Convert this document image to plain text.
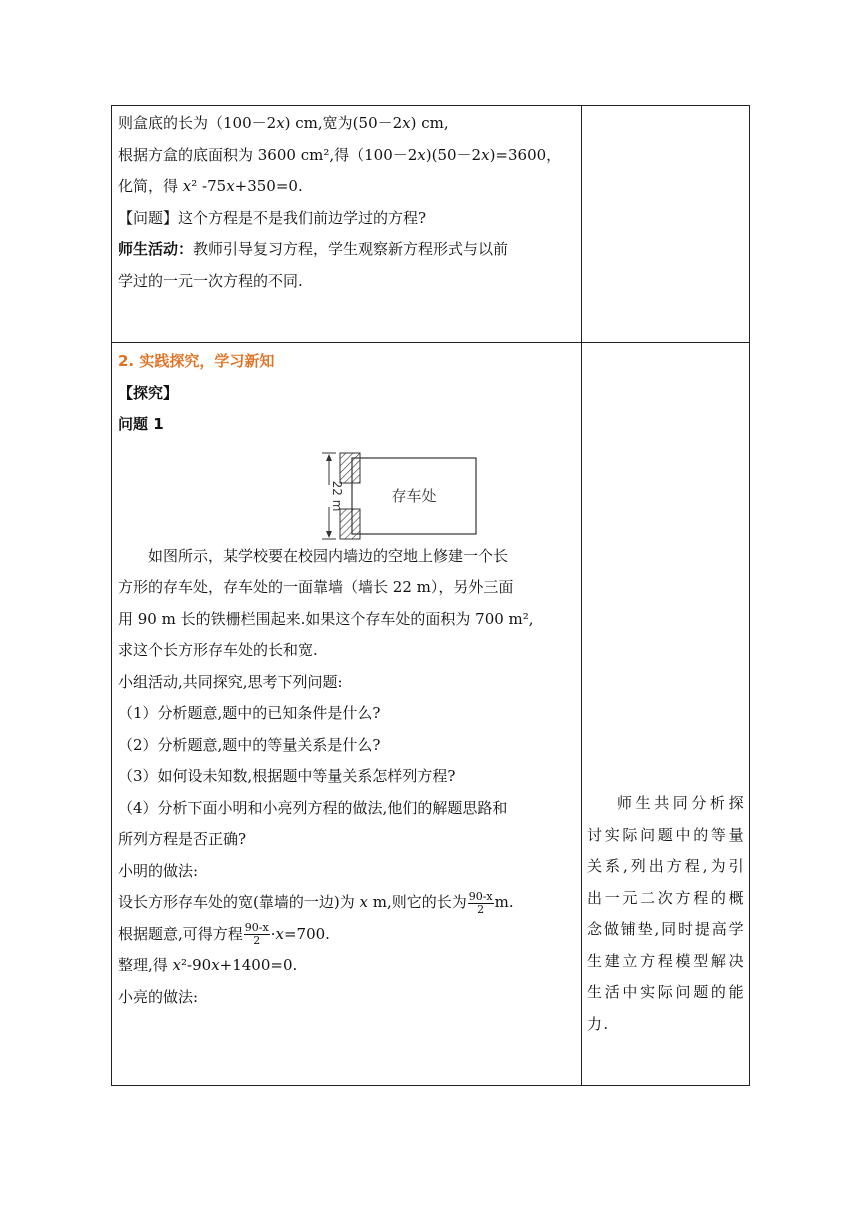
则盒底的长为（100－2x) cm,宽为(50－2x) cm,
根据方盒的底面积为 3600 cm²,得（100－2x)(50－2x)=3600，
化简，得 x² -75x+350=0.
【问题】这个方程是不是我们前边学过的方程?
师生活动：教师引导复习方程，学生观察新方程形式与以前
学过的一元一次方程的不同.
2. 实践探究，学习新知
【探究】
问题 1
22 m	存车处
如图所示，某学校要在校园内墙边的空地上修建一个长
方形的存车处，存车处的一面靠墙（墙长 22 m），另外三面
用 90 m 长的铁栅栏围起来.如果这个存车处的面积为 700 m²,
求这个长方形存车处的长和宽.
小组活动,共同探究,思考下列问题:
（1）分析题意,题中的已知条件是什么?
（2）分析题意,题中的等量关系是什么?
（3）如何设未知数,根据题中等量关系怎样列方程?
（4）分析下面小明和小亮列方程的做法,他们的解题思路和
所列方程是否正确?
小明的做法:
设长方形存车处的宽(靠墙的一边)为 x m,则它的长为 $\frac{90-x}{2} m$.
根据题意,可得方程 $\frac{90-x}{2} \cdot x=700$.
整理,得 x²-90x+1400=0.
小亮的做法:
师生共同分析探讨实际问题中的等量关系,列出方程,为引出一元二次方程的概念做铺垫,同时提高学生建立方程模型解决生活中实际问题的能力.
